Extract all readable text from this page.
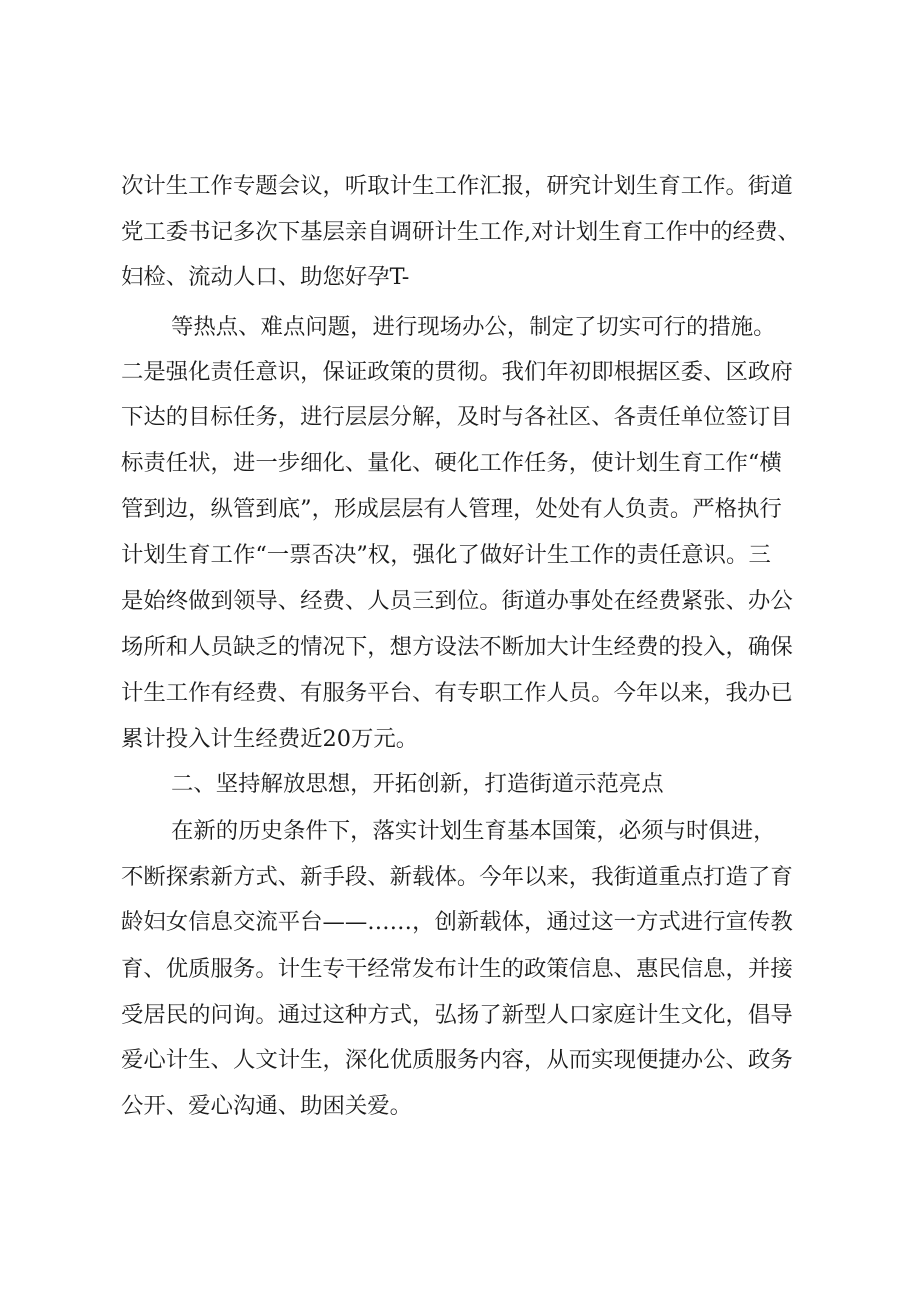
次计生工作专题会议，听取计生工作汇报，研究计划生育工作。街道
党工委书记多次下基层亲自调研计生工作,对计划生育工作中的经费、
妇检、流动人口、助您好孕T-
等热点、难点问题，进行现场办公，制定了切实可行的措施。
二是强化责任意识，保证政策的贯彻。我们年初即根据区委、区政府
下达的目标任务，进行层层分解，及时与各社区、各责任单位签订目
标责任状，进一步细化、量化、硬化工作任务，使计划生育工作“横
管到边，纵管到底”，形成层层有人管理，处处有人负责。严格执行
计划生育工作“一票否决”权，强化了做好计生工作的责任意识。三
是始终做到领导、经费、人员三到位。街道办事处在经费紧张、办公
场所和人员缺乏的情况下，想方设法不断加大计生经费的投入，确保
计生工作有经费、有服务平台、有专职工作人员。今年以来，我办已
累计投入计生经费近20万元。
二、坚持解放思想，开拓创新，打造街道示范亮点
在新的历史条件下，落实计划生育基本国策，必须与时俱进，
不断探索新方式、新手段、新载体。今年以来，我街道重点打造了育
龄妇女信息交流平台——……，创新载体，通过这一方式进行宣传教
育、优质服务。计生专干经常发布计生的政策信息、惠民信息，并接
受居民的问询。通过这种方式，弘扬了新型人口家庭计生文化，倡导
爱心计生、人文计生，深化优质服务内容，从而实现便捷办公、政务
公开、爱心沟通、助困关爱。
